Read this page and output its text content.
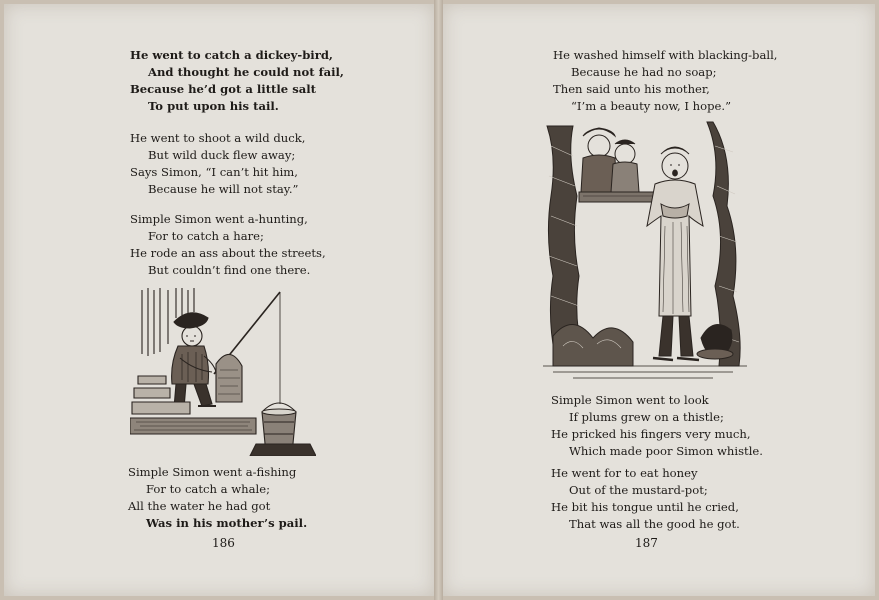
He went to catch a dickey-bird,
And thought he could not fail,
Because he’d got a little salt
To put upon his tail.
He went to shoot a wild duck,
But wild duck flew away;
Says Simon, “I can’t hit him,
Because he will not stay.”
Simple Simon went a-hunting,
For to catch a hare;
He rode an ass about the streets,
But couldn’t find one there.
Simple Simon went a-fishing
For to catch a whale;
All the water he had got
Was in his mother’s pail.
186
He washed himself with blacking-ball,
Because he had no soap;
Then said unto his mother,
“I’m a beauty now, I hope.”
Simple Simon went to look
If plums grew on a thistle;
He pricked his fingers very much,
Which made poor Simon whistle.
He went for to eat honey
Out of the mustard-pot;
He bit his tongue until he cried,
That was all the good he got.
187
